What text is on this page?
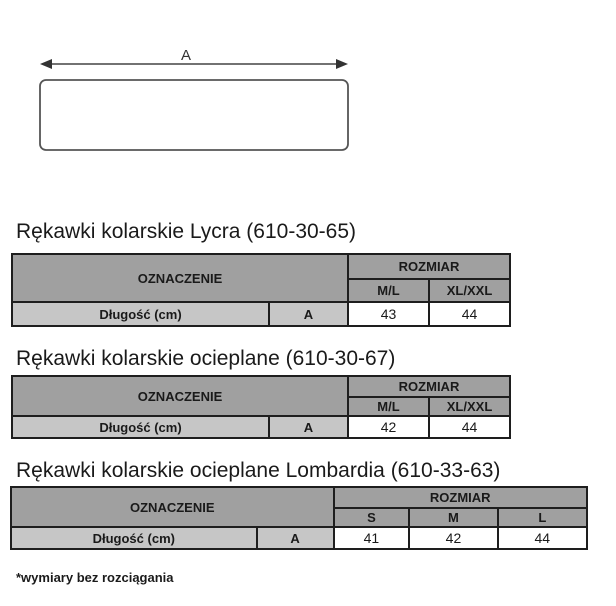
A
Rękawki kolarskie Lycra (610-30-65)
OZNACZENIE		ROZMIAR	
		M/L	XL/XXL
Długość (cm)	A	43	44
Rękawki kolarskie ocieplane (610-30-67)
OZNACZENIE		ROZMIAR	
		M/L	XL/XXL
Długość (cm)	A	42	44
Rękawki kolarskie ocieplane Lombardia (610-33-63)
OZNACZENIE		ROZMIAR		
		S	M	L
Długość (cm)	A	41	42	44
*wymiary bez rozciągania
